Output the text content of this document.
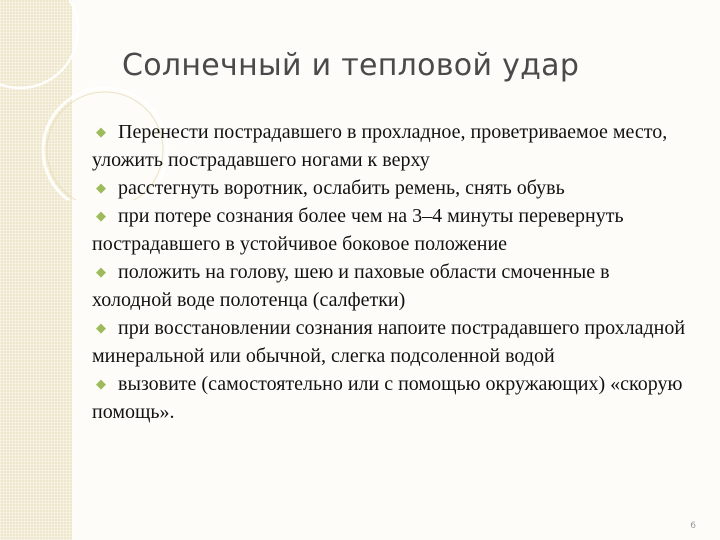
Солнечный и тепловой удар
◆ Перенести пострадавшего в прохладное, проветриваемое место, уложить пострадавшего ногами к верху
◆ расстегнуть воротник, ослабить ремень, снять обувь
◆ при потере сознания более чем на 3–4 минуты перевернуть пострадавшего в устойчивое боковое положение
◆ положить на голову, шею и паховые области смоченные в холодной воде полотенца (салфетки)
◆ при восстановлении сознания напоите пострадавшего прохладной минеральной или обычной, слегка подсоленной водой
◆ вызовите (самостоятельно или с помощью окружающих) «скорую помощь».
6
